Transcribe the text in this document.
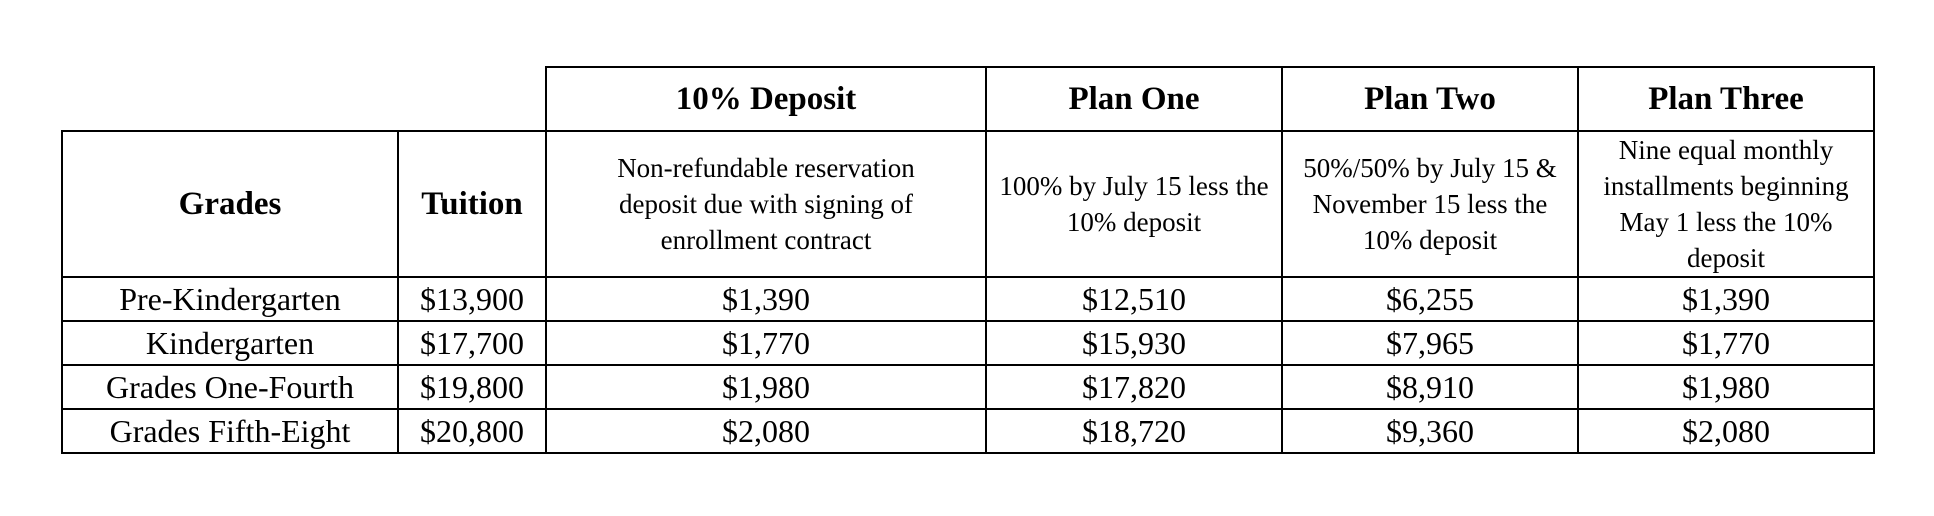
		10% Deposit	Plan One	Plan Two	Plan Three
Grades	Tuition	Non-refundable reservation deposit due with signing of enrollment contract	100% by July 15 less the 10% deposit	50%/50% by July 15 & November 15 less the 10% deposit	Nine equal monthly installments beginning May 1 less the 10% deposit

Pre-Kindergarten	$13,900	$1,390	$12,510	$6,255	$1,390
Kindergarten	$17,700	$1,770	$15,930	$7,965	$1,770
Grades One-Fourth	$19,800	$1,980	$17,820	$8,910	$1,980
Grades Fifth-Eight	$20,800	$2,080	$18,720	$9,360	$2,080
